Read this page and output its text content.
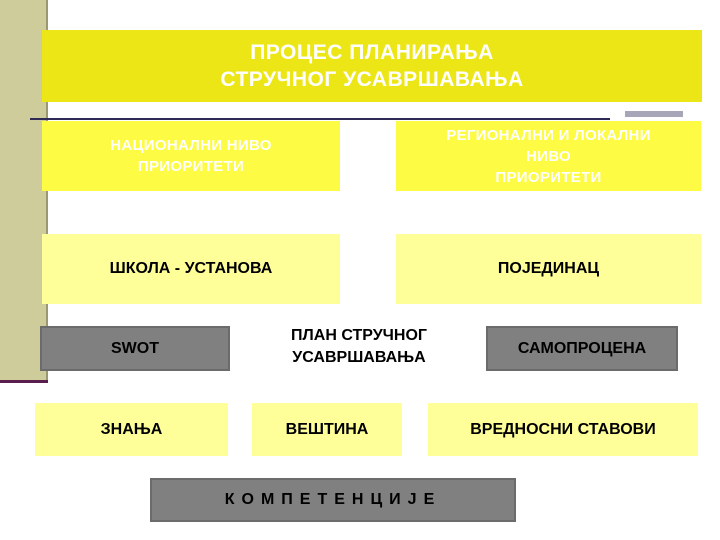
ПРОЦЕС ПЛАНИРАЊА
СТРУЧНОГ УСАВРШАВАЊА
НАЦИОНАЛНИ НИВО
ПРИОРИТЕТИ
РЕГИОНАЛНИ И ЛОКАЛНИ
НИВО
ПРИОРИТЕТИ
ШКОЛА - УСТАНОВА	ПОЈЕДИНАЦ
SWOT
ПЛАН СТРУЧНОГ
УСАВРШАВАЊА
САМОПРОЦЕНА
ЗНАЊА	ВЕШТИНА	ВРЕДНОСНИ СТАВОВИ
КОМПЕТЕНЦИЈЕ
